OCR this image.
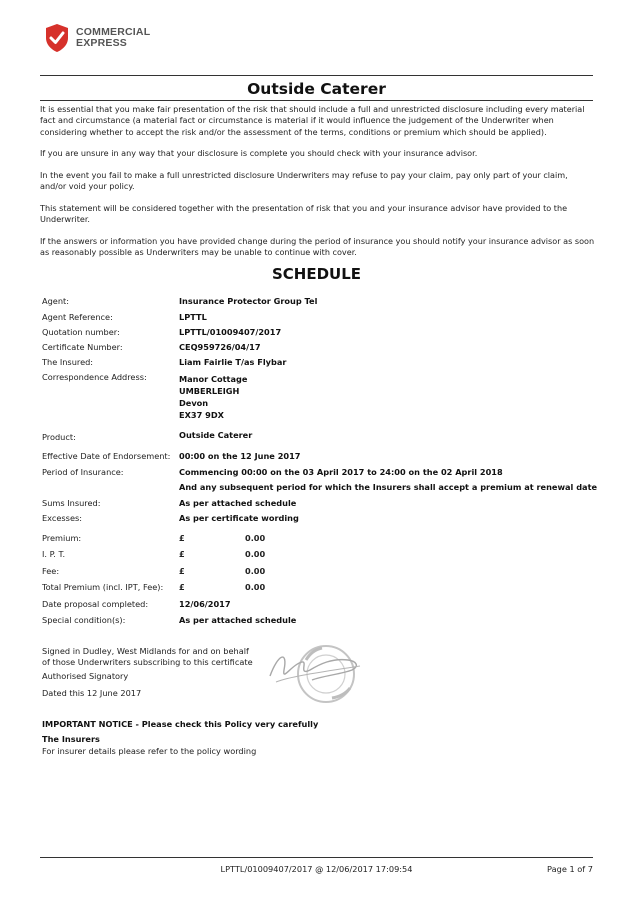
COMMERCIAL
EXPRESS
Outside Caterer

It is essential that you make fair presentation of the risk that should include a full and unrestricted disclosure including every material fact and circumstance (a material fact or circumstance is material if it would influence the judgement of the Underwriter when considering whether to accept the risk and/or the assessment of the terms, conditions or premium which should be applied).

If you are unsure in any way that your disclosure is complete you should check with your insurance advisor.

In the event you fail to make a full unrestricted disclosure Underwriters may refuse to pay your claim, pay only part of your claim, and/or void your policy.

This statement will be considered together with the presentation of risk that you and your insurance advisor have provided to the Underwriter.

If the answers or information you have provided change during the period of insurance you should notify your insurance advisor as soon as reasonably possible as Underwriters may be unable to continue with cover.

SCHEDULE
Agent:	Insurance Protector Group Tel
Agent Reference:	LPTTL
Quotation number:	LPTTL/01009407/2017
Certificate Number:	CEQ959726/04/17
The Insured:	Liam Fairlie T/as Flybar
Correspondence Address:	Manor Cottage
UMBERLEIGH
Devon
EX37 9DX
Product:	Outside Caterer
Effective Date of Endorsement:	00:00 on the 12 June 2017
Period of Insurance:	Commencing 00:00 on the 03 April 2017 to 24:00 on the 02 April 2018
And any subsequent period for which the Insurers shall accept a premium at renewal date
Sums Insured:	As per attached schedule
Excesses:	As per certificate wording
Premium:	£	0.00
I. P. T.	£	0.00
Fee:	£	0.00
Total Premium (incl. IPT, Fee):	£	0.00
Date proposal completed:	12/06/2017
Special condition(s):	As per attached schedule
Signed in Dudley, West Midlands for and on behalf
of those Underwriters subscribing to this certificate
Authorised Signatory
Dated this 12 June 2017
IMPORTANT NOTICE - Please check this Policy very carefully
The Insurers
For insurer details please refer to the policy wording
LPTTL/01009407/2017 @ 12/06/2017 17:09:54	Page 1 of 7
